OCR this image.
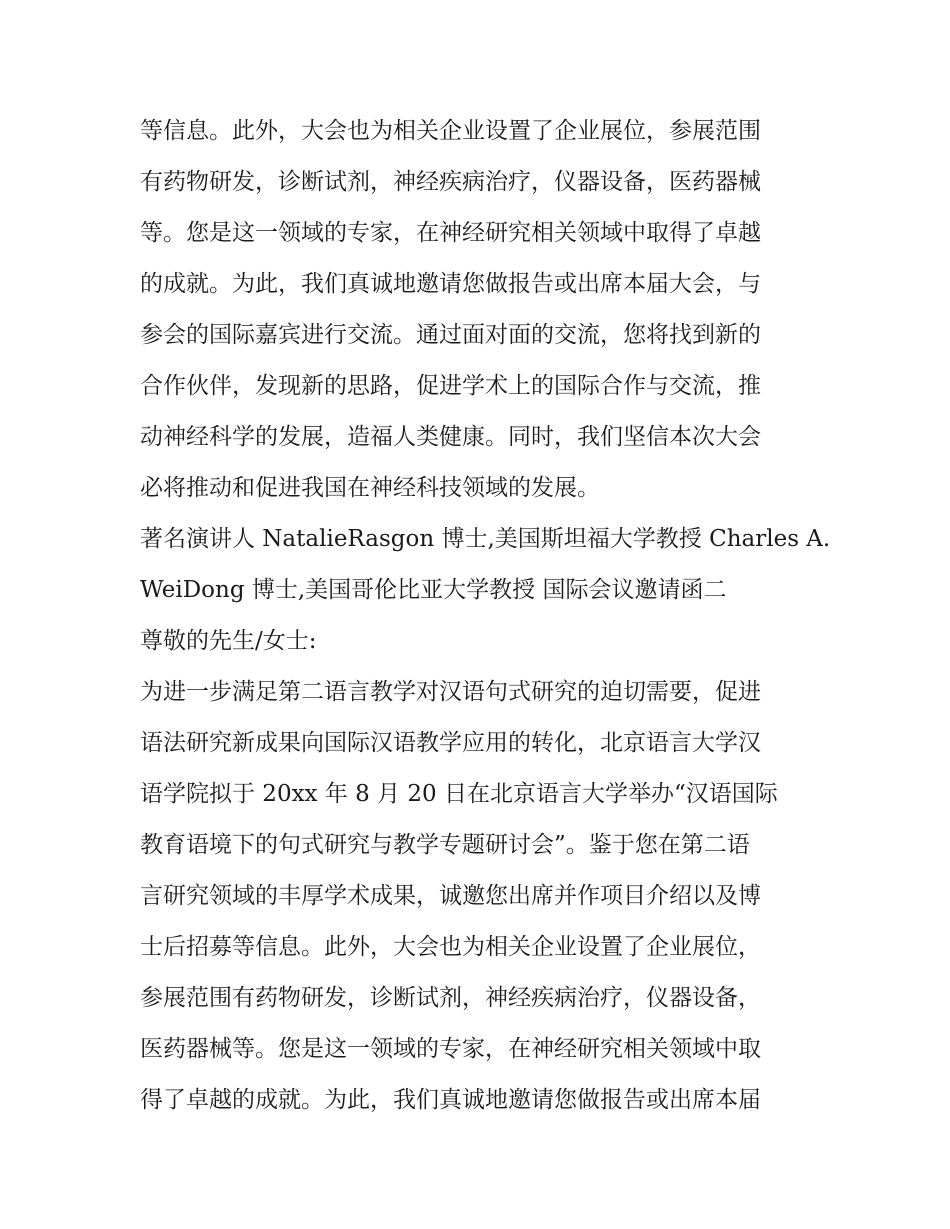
等信息。此外，大会也为相关企业设置了企业展位，参展范围
有药物研发，诊断试剂，神经疾病治疗，仪器设备，医药器械
等。您是这一领域的专家，在神经研究相关领域中取得了卓越
的成就。为此，我们真诚地邀请您做报告或出席本届大会，与
参会的国际嘉宾进行交流。通过面对面的交流，您将找到新的
合作伙伴，发现新的思路，促进学术上的国际合作与交流，推
动神经科学的发展，造福人类健康。同时，我们坚信本次大会
必将推动和促进我国在神经科技领域的发展。
著名演讲人 NatalieRasgon 博士,美国斯坦福大学教授 Charles A.
WeiDong 博士,美国哥伦比亚大学教授 国际会议邀请函二
尊敬的先生/女士:
为进一步满足第二语言教学对汉语句式研究的迫切需要，促进
语法研究新成果向国际汉语教学应用的转化，北京语言大学汉
语学院拟于 20xx 年 8 月 20 日在北京语言大学举办“汉语国际
教育语境下的句式研究与教学专题研讨会”。鉴于您在第二语
言研究领域的丰厚学术成果，诚邀您出席并作项目介绍以及博
士后招募等信息。此外，大会也为相关企业设置了企业展位，
参展范围有药物研发，诊断试剂，神经疾病治疗，仪器设备，
医药器械等。您是这一领域的专家，在神经研究相关领域中取
得了卓越的成就。为此，我们真诚地邀请您做报告或出席本届
